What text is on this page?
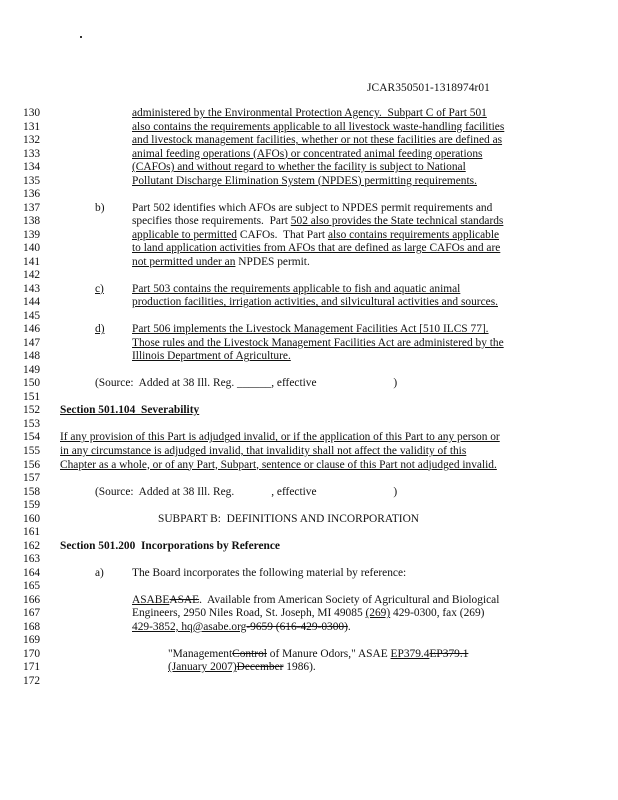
JCAR350501-1318974r01
130	administered by the Environmental Protection Agency.  Subpart C of Part 501
131	also contains the requirements applicable to all livestock waste-handling facilities
132	and livestock management facilities, whether or not these facilities are defined as
133	animal feeding operations (AFOs) or concentrated animal feeding operations
134	(CAFOs) and without regard to whether the facility is subject to National
135	Pollutant Discharge Elimination System (NPDES) permitting requirements.
136
137	b) Part 502 identifies which AFOs are subject to NPDES permit requirements and
138	specifies those requirements.  Part 502 also provides the State technical standards
139	applicable to permitted CAFOs.  That Part also contains requirements applicable
140	to land application activities from AFOs that are defined as large CAFOs and are
141	not permitted under an NPDES permit.
142
143	c) Part 503 contains the requirements applicable to fish and aquatic animal
144	production facilities, irrigation activities, and silvicultural activities and sources.
145
146	d) Part 506 implements the Livestock Management Facilities Act [510 ILCS 77].
147	Those rules and the Livestock Management Facilities Act are administered by the
148	Illinois Department of Agriculture.
149
150	(Source:  Added at 38 Ill. Reg. ______, effective                           )
151
152	Section 501.104  Severability
153
154	If any provision of this Part is adjudged invalid, or if the application of this Part to any person or
155	in any circumstance is adjudged invalid, that invalidity shall not affect the validity of this
156	Chapter as a whole, or of any Part, Subpart, sentence or clause of this Part not adjudged invalid.
157
158	(Source:  Added at 38 Ill. Reg.             , effective                           )
159
160	SUBPART B:  DEFINITIONS AND INCORPORATION
161
162	Section 501.200  Incorporations by Reference
163
164	a) The Board incorporates the following material by reference:
165
166	ASABEASAE.  Available from American Society of Agricultural and Biological
167	Engineers, 2950 Niles Road, St. Joseph, MI 49085 (269) 429-0300, fax (269)
168	429-3852, hq@asabe.org-9659 (616-429-0300).
169
170	"ManagementControl of Manure Odors," ASAE EP379.4EP379.1
171	(January 2007)December 1986).
172
